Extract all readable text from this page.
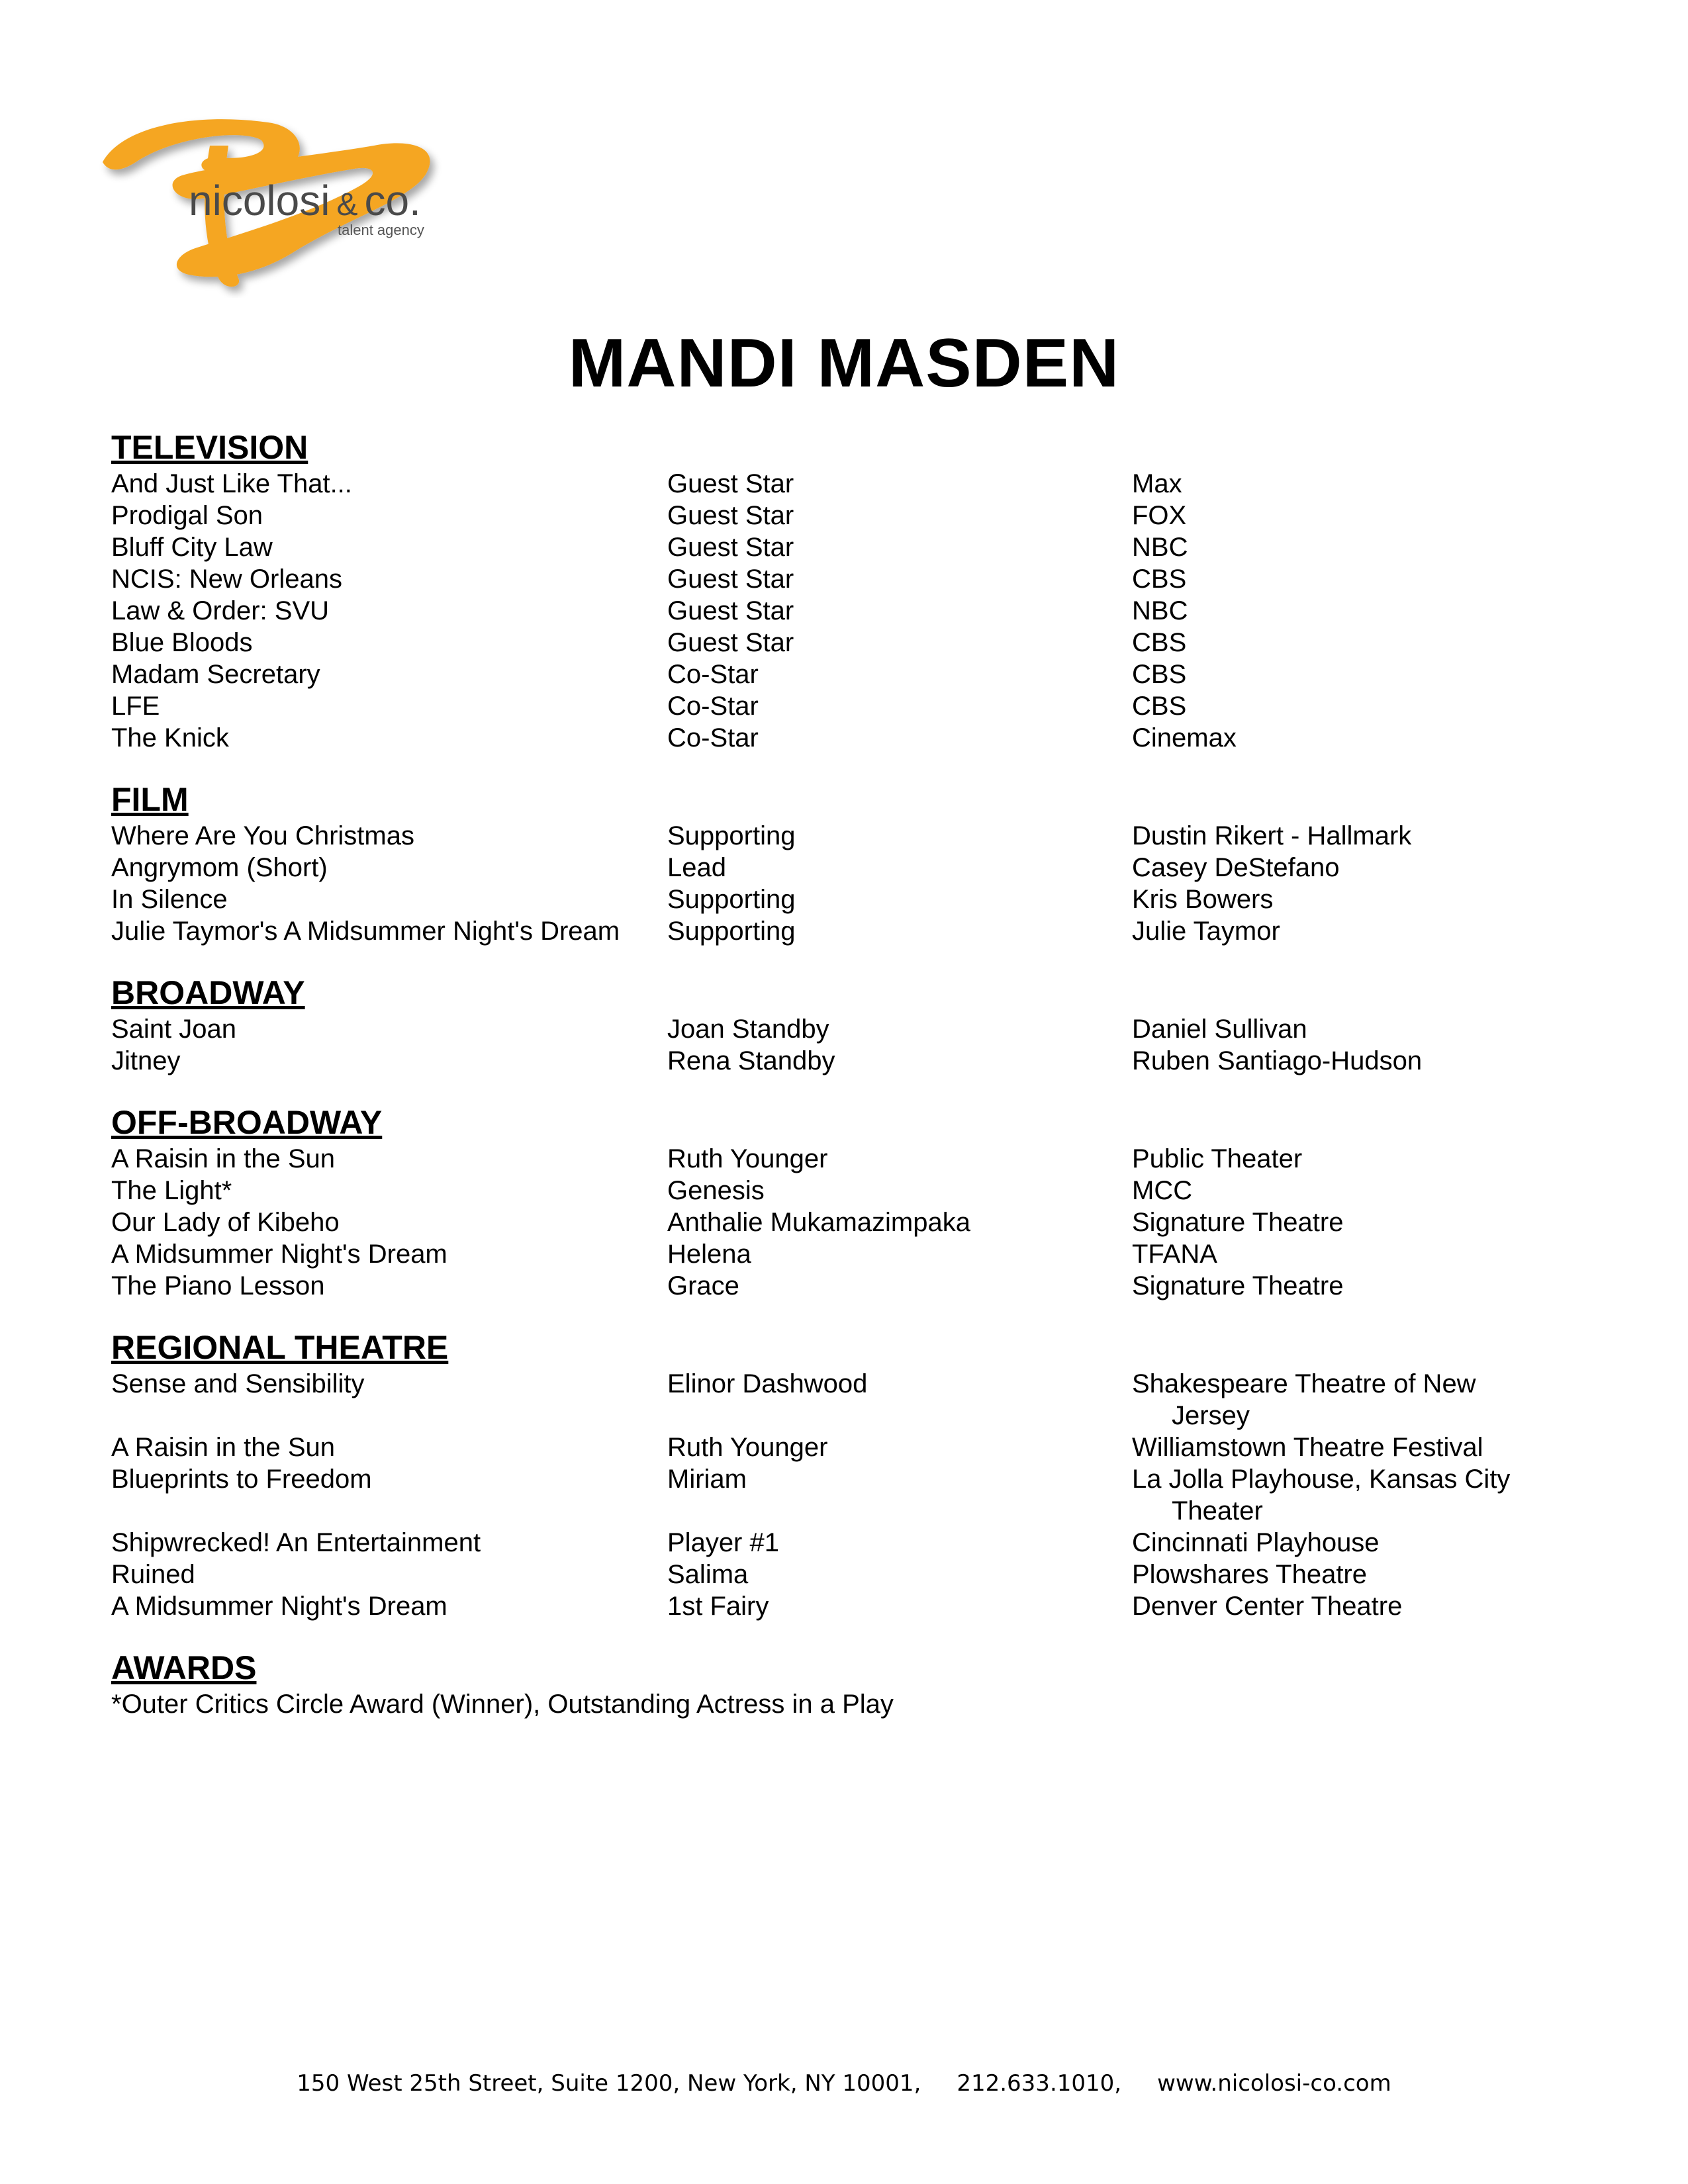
nicolosi & co.
talent agency
MANDI MASDEN
TELEVISION
And Just Like That...	Guest Star	Max
Prodigal Son	Guest Star	FOX
Bluff City Law	Guest Star	NBC
NCIS: New Orleans	Guest Star	CBS
Law & Order: SVU	Guest Star	NBC
Blue Bloods	Guest Star	CBS
Madam Secretary	Co-Star	CBS
LFE	Co-Star	CBS
The Knick	Co-Star	Cinemax
FILM
Where Are You Christmas	Supporting	Dustin Rikert - Hallmark
Angrymom (Short)	Lead	Casey DeStefano
In Silence	Supporting	Kris Bowers
Julie Taymor's A Midsummer Night's Dream	Supporting	Julie Taymor
BROADWAY
Saint Joan	Joan Standby	Daniel Sullivan
Jitney	Rena Standby	Ruben Santiago-Hudson
OFF-BROADWAY
A Raisin in the Sun	Ruth Younger	Public Theater
The Light*	Genesis	MCC
Our Lady of Kibeho	Anthalie Mukamazimpaka	Signature Theatre
A Midsummer Night's Dream	Helena	TFANA
The Piano Lesson	Grace	Signature Theatre
REGIONAL THEATRE
Sense and Sensibility	Elinor Dashwood	Shakespeare Theatre of New
Jersey
A Raisin in the Sun	Ruth Younger	Williamstown Theatre Festival
Blueprints to Freedom	Miriam	La Jolla Playhouse, Kansas City
Theater
Shipwrecked! An Entertainment	Player #1	Cincinnati Playhouse
Ruined	Salima	Plowshares Theatre
A Midsummer Night's Dream	1st Fairy	Denver Center Theatre
AWARDS
*Outer Critics Circle Award (Winner), Outstanding Actress in a Play
150 West 25th Street, Suite 1200, New York, NY 10001,     212.633.1010,     www.nicolosi-co.com
